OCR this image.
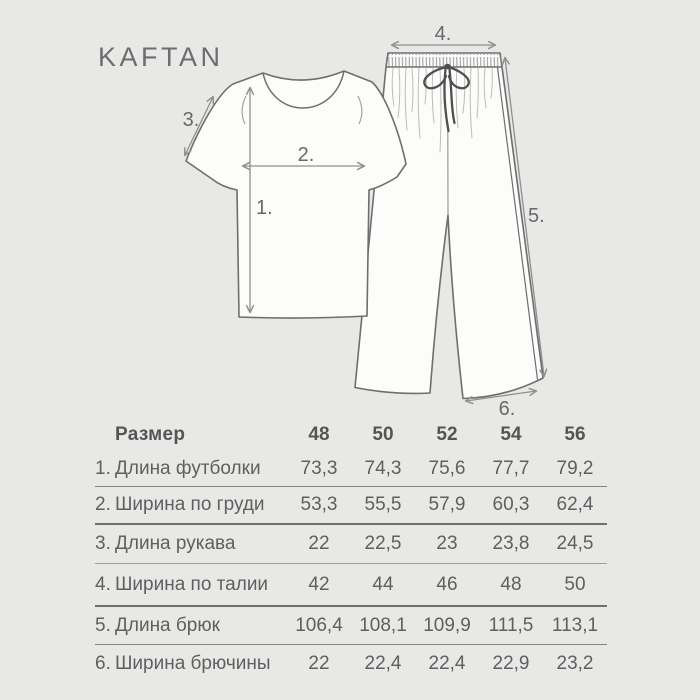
KAFTAN
1.
2.
3.
4.
5.
6.
Размер	48	50	52	54	56
1. Длина футболки	73,3	74,3	75,6	77,7	79,2
2. Ширина по груди	53,3	55,5	57,9	60,3	62,4
3. Длина рукава	22	22,5	23	23,8	24,5
4. Ширина по талии	42	44	46	48	50
5. Длина брюк	106,4 108,1 109,9 111,5 113,1
6. Ширина брючины	22	22,4	22,4	22,9	23,2
